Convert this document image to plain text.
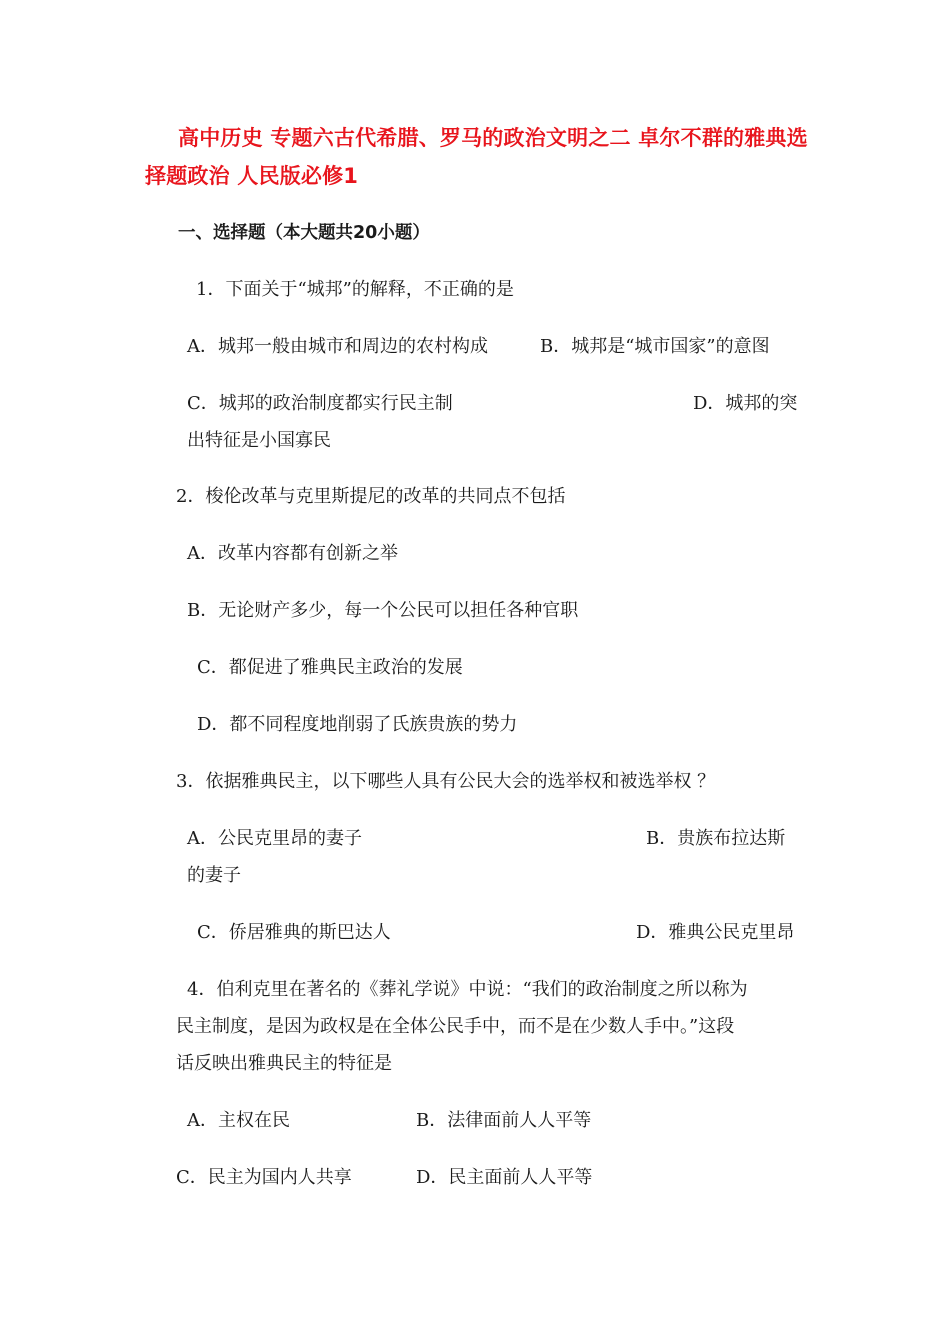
高中历史 专题六古代希腊、罗马的政治文明之二 卓尔不群的雅典选择题政治 人民版必修1
一、选择题（本大题共20小题）
1．下面关于“城邦”的解释，不正确的是
A．城邦一般由城市和周边的农村构成	B．城邦是“城市国家”的意图
C．城邦的政治制度都实行民主制	D．城邦的突
出特征是小国寡民
2．梭伦改革与克里斯提尼的改革的共同点不包括
A．改革内容都有创新之举
B．无论财产多少，每一个公民可以担任各种官职
C．都促进了雅典民主政治的发展
D．都不同程度地削弱了氏族贵族的势力
3．依据雅典民主，以下哪些人具有公民大会的选举权和被选举权 ？
A．公民克里昂的妻子	B．贵族布拉达斯
的妻子
C．侨居雅典的斯巴达人	D．雅典公民克里昂
4．伯利克里在著名的《葬礼学说》中说：“我们的政治制度之所以称为
民主制度，是因为政权是在全体公民手中，而不是在少数人手中。”这段
话反映出雅典民主的特征是
A．主权在民	B．法律面前人人平等
C．民主为国内人共享	D．民主面前人人平等
